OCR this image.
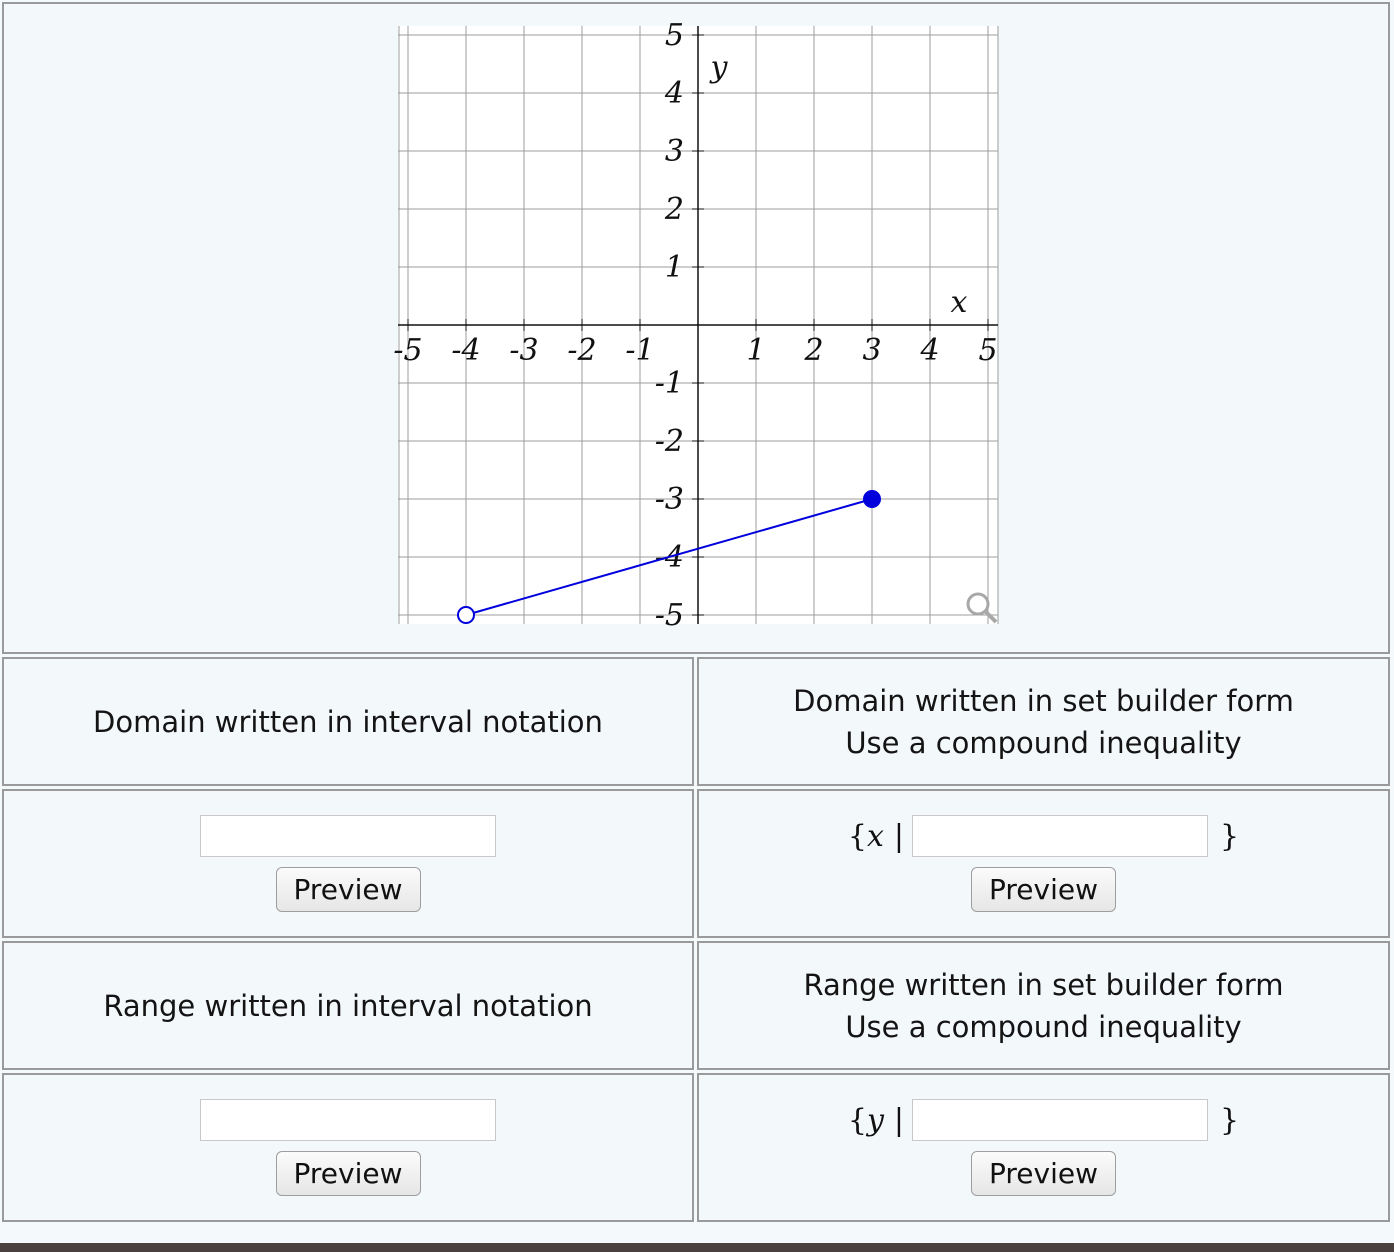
-5 -4 -3 -2 -1	1 2 3 4 5
5
4
3
2
1
-1
-2
-3
-4
-5
x
y
Domain written in interval notation
Domain written in set builder form
Use a compound inequality
Preview
{x |	}
Preview
Range written in interval notation
Range written in set builder form
Use a compound inequality
Preview
{y |	}
Preview
